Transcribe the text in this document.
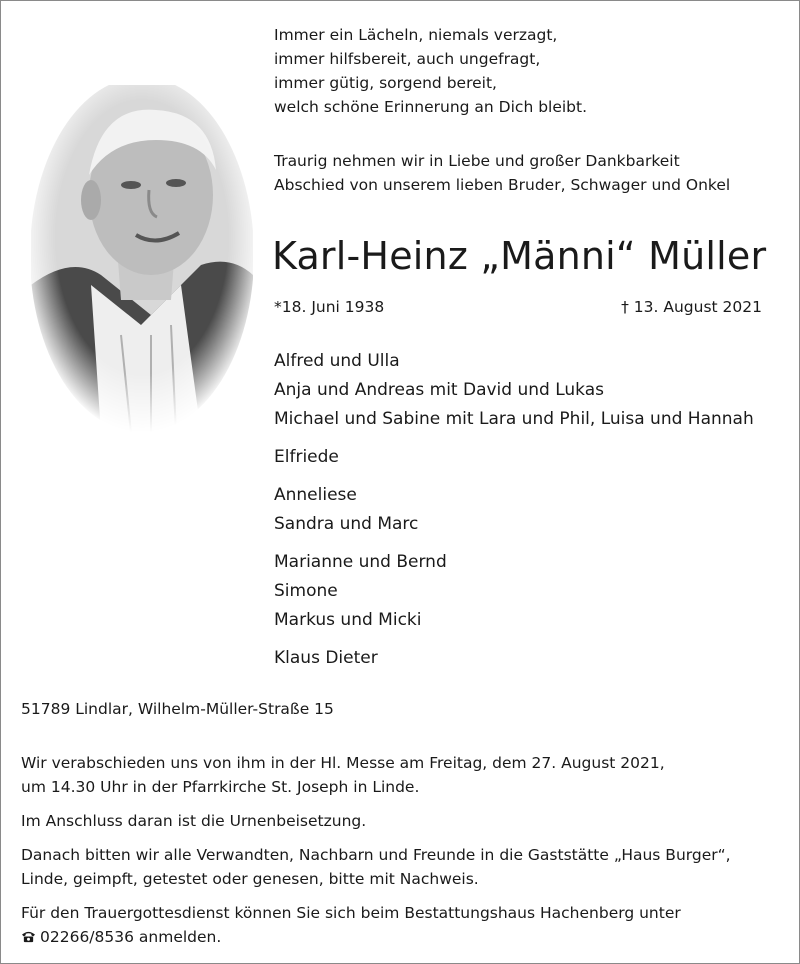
Immer ein Lächeln, niemals verzagt,
immer hilfsbereit, auch ungefragt,
immer gütig, sorgend bereit,
welch schöne Erinnerung an Dich bleibt.
Traurig nehmen wir in Liebe und großer Dankbarkeit
Abschied von unserem lieben Bruder, Schwager und Onkel
Karl-Heinz „Männi“ Müller
*18. Juni 1938	† 13. August 2021
Alfred und Ulla
Anja und Andreas mit David und Lukas
Michael und Sabine mit Lara und Phil, Luisa und Hannah
Elfriede
Anneliese
Sandra und Marc
Marianne und Bernd
Simone
Markus und Micki
Klaus Dieter
51789 Lindlar, Wilhelm-Müller-Straße 15
Wir verabschieden uns von ihm in der Hl. Messe am Freitag, dem 27. August 2021,
um 14.30 Uhr in der Pfarrkirche St. Joseph in Linde.
Im Anschluss daran ist die Urnenbeisetzung.
Danach bitten wir alle Verwandten, Nachbarn und Freunde in die Gaststätte „Haus Burger“,
Linde, geimpft, getestet oder genesen, bitte mit Nachweis.
Für den Trauergottesdienst können Sie sich beim Bestattungshaus Hachenberg unter
02266/8536 anmelden.
